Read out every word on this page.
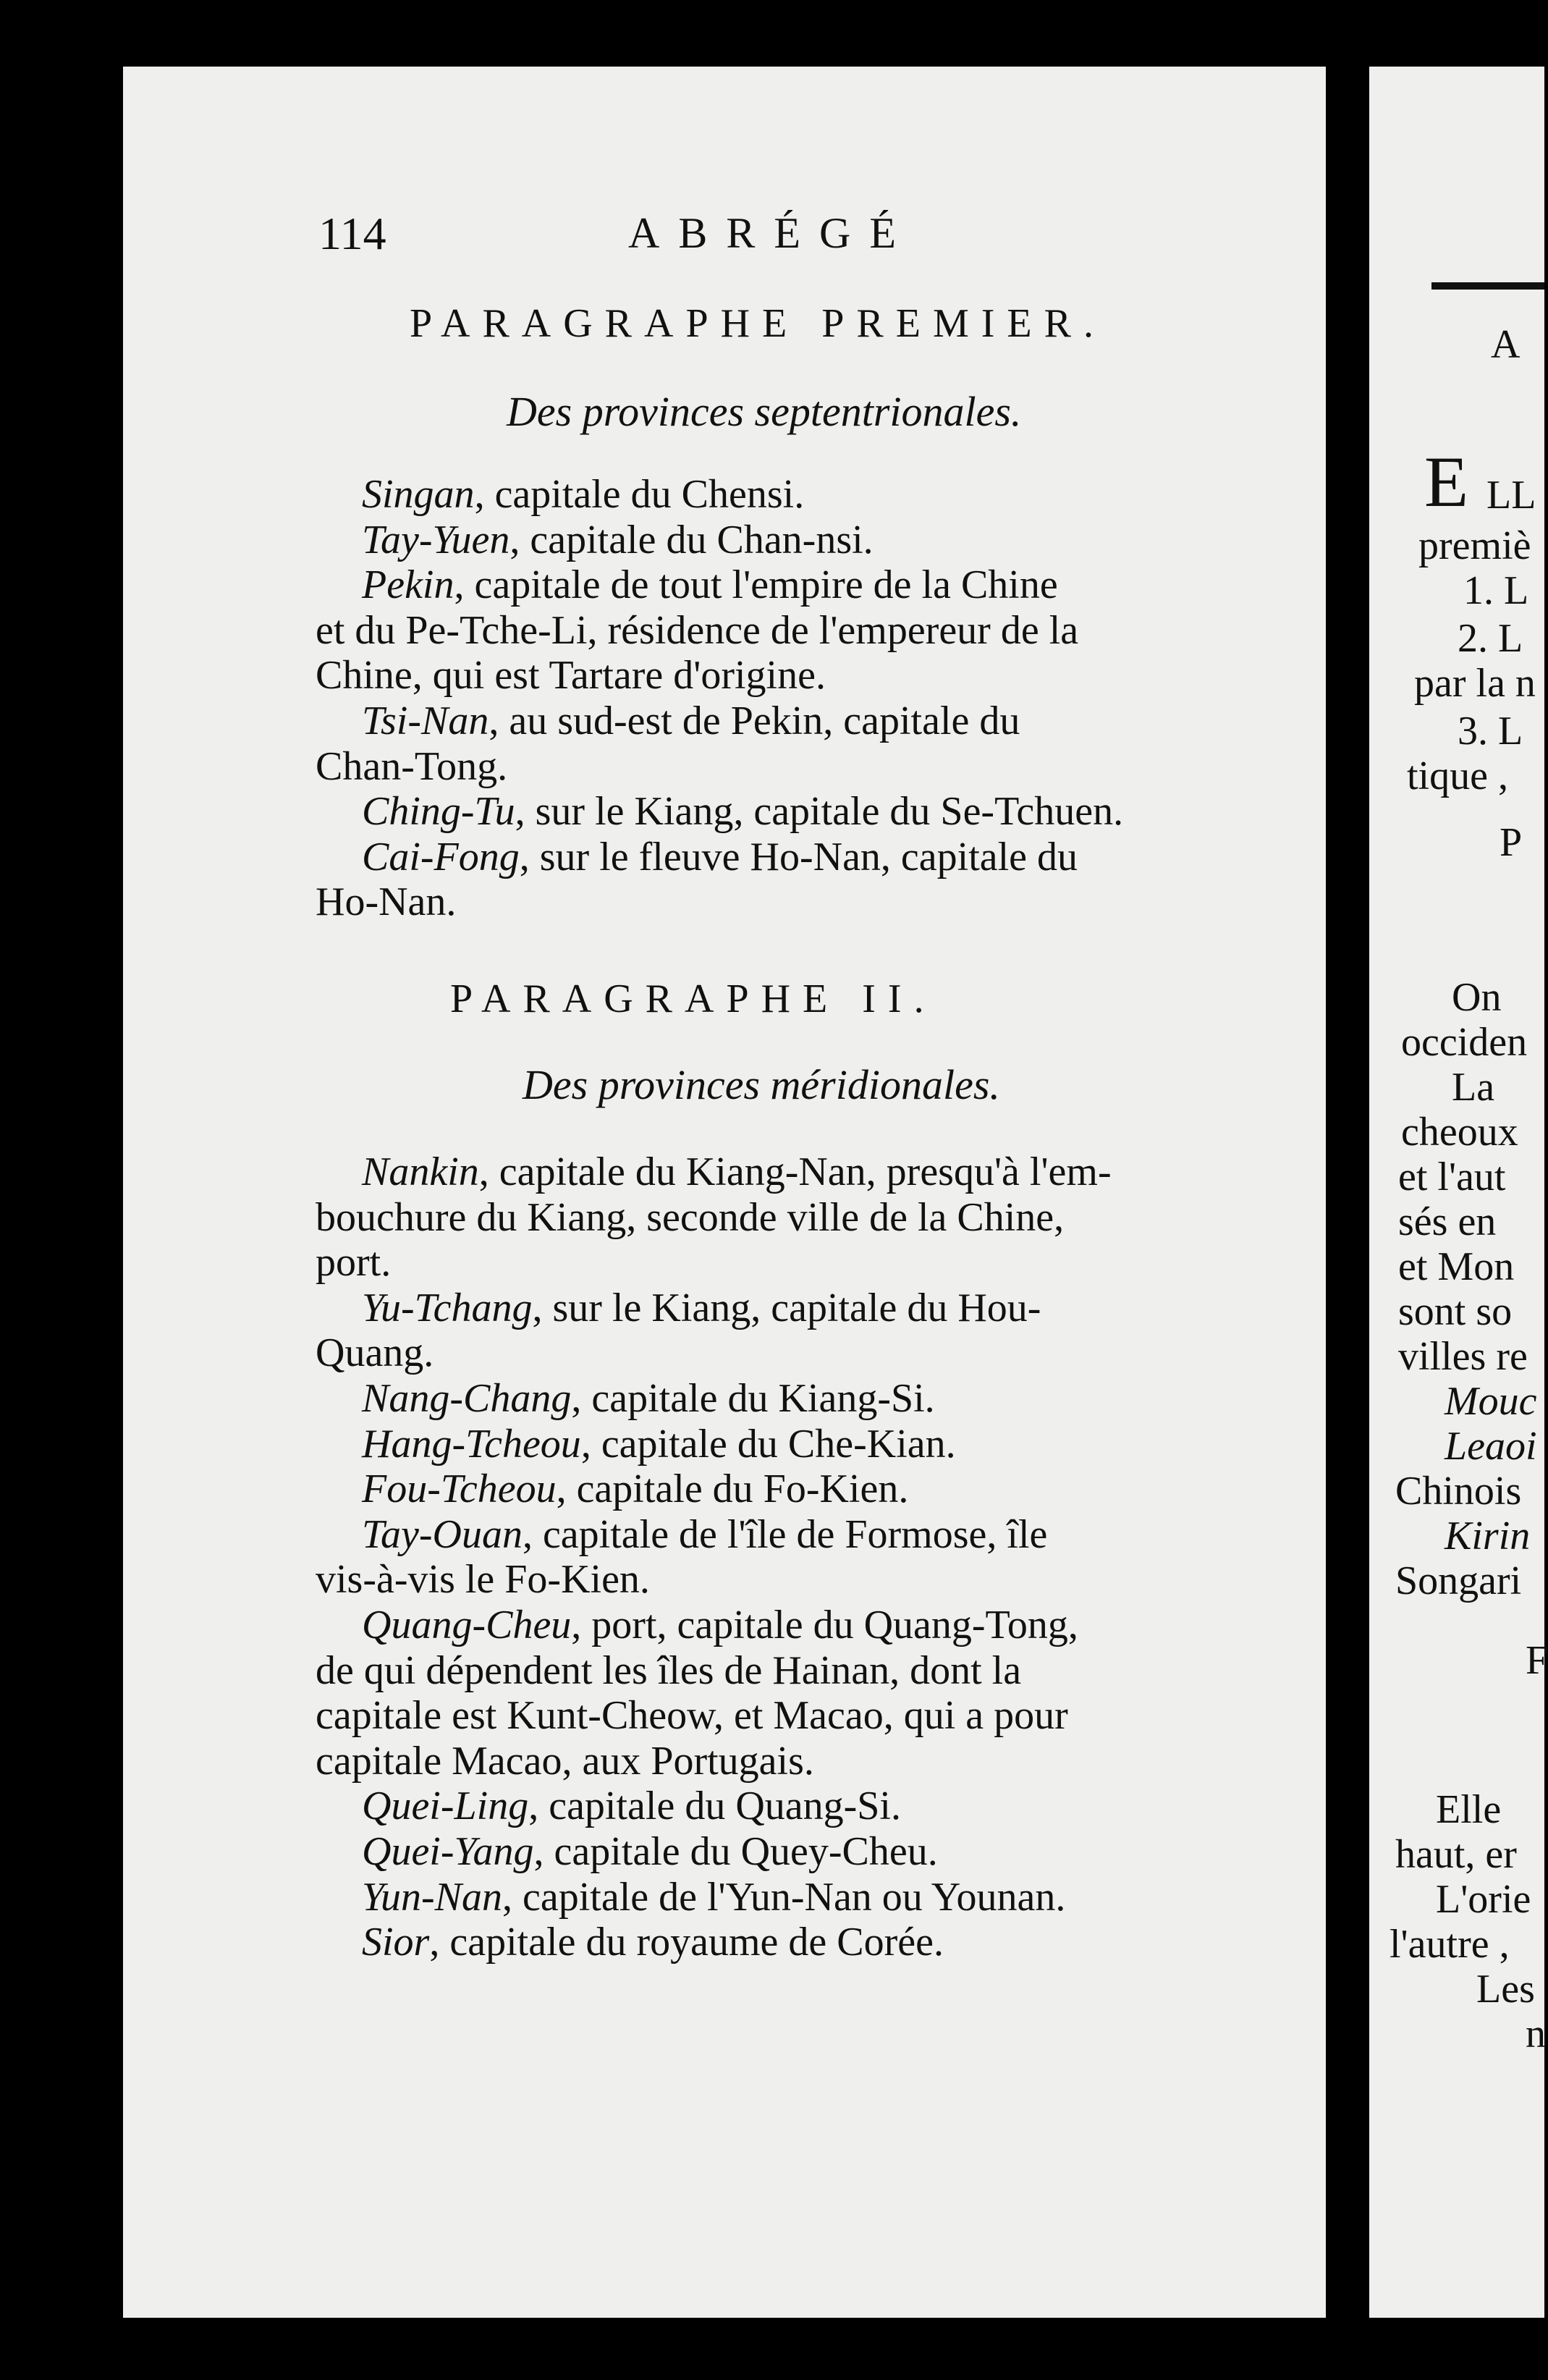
114	ABRÉGÉ
PARAGRAPHE PREMIER.
Des provinces septentrionales.
Singan, capitale du Chensi.
Tay-Yuen, capitale du Chan-nsi.
Pekin, capitale de tout l'empire de la Chine
et du Pe-Tche-Li, résidence de l'empereur de la
Chine, qui est Tartare d'origine.
Tsi-Nan, au sud-est de Pekin, capitale du
Chan-Tong.
Ching-Tu, sur le Kiang, capitale du Se-Tchuen.
Cai-Fong, sur le fleuve Ho-Nan, capitale du
Ho-Nan.
PARAGRAPHE II.
Des provinces méridionales.
Nankin, capitale du Kiang-Nan, presqu'à l'em-
bouchure du Kiang, seconde ville de la Chine,
port.
Yu-Tchang, sur le Kiang, capitale du Hou-
Quang.
Nang-Chang, capitale du Kiang-Si.
Hang-Tcheou, capitale du Che-Kian.
Fou-Tcheou, capitale du Fo-Kien.
Tay-Ouan, capitale de l'île de Formose, île
vis-à-vis le Fo-Kien.
Quang-Cheu, port, capitale du Quang-Tong,
de qui dépendent les îles de Hainan, dont la
capitale est Kunt-Cheow, et Macao, qui a pour
capitale Macao, aux Portugais.
Quei-Ling, capitale du Quang-Si.
Quei-Yang, capitale du Quey-Cheu.
Yun-Nan, capitale de l'Yun-Nan ou Younan.
Sior, capitale du royaume de Corée.
A
E LL
premiè
1. L
2. L
par la n
3. L
tique ,
P
On
occiden
La
cheoux
et l'aut
sés en
et Mon
sont so
villes re
Mouc
Leaoi
Chinois
Kirin
Songari
F
Elle
haut, er
L'orie
l'autre ,
Les
n
